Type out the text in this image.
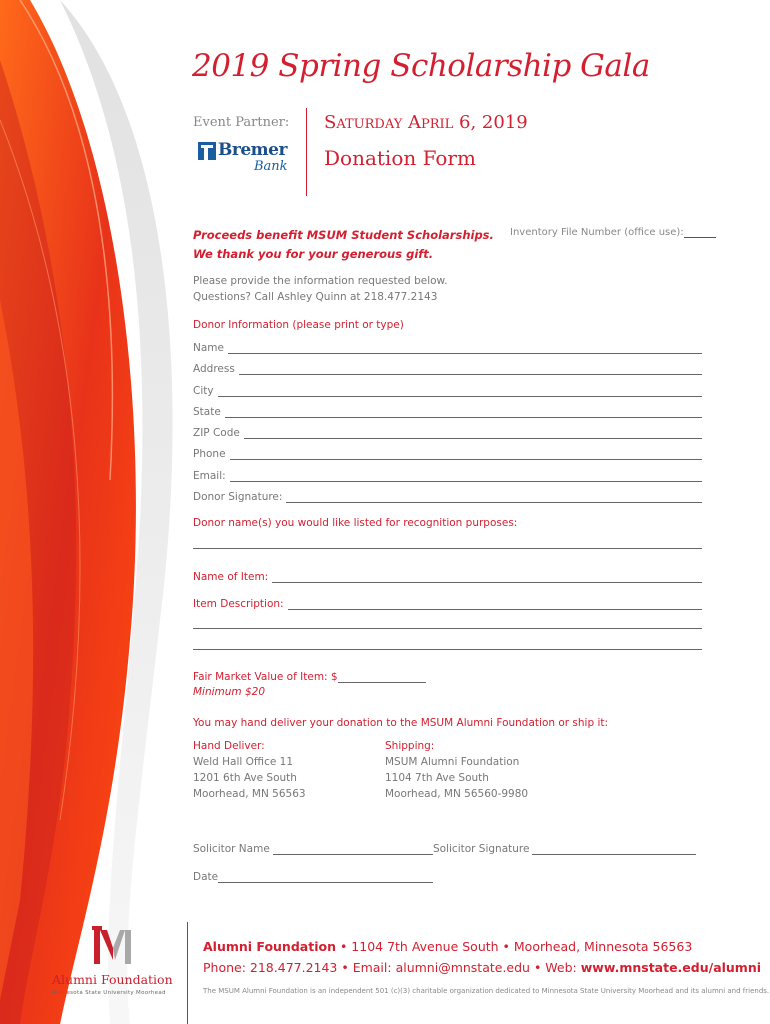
2019 Spring Scholarship Gala
Event Partner:
Bremer
Bank
Saturday April 6, 2019
Donation Form
Proceeds benefit MSUM Student Scholarships.
We thank you for your generous gift.
Inventory File Number (office use):
Please provide the information requested below.
Questions? Call Ashley Quinn at 218.477.2143
Donor Information (please print or type)
Name
Address
City
State
ZIP Code
Phone
Email:
Donor Signature:
Donor name(s) you would like listed for recognition purposes:
Name of Item:
Item Description:
Fair Market Value of Item: $
Minimum $20
You may hand deliver your donation to the MSUM Alumni Foundation or ship it:
Hand Deliver:
Weld Hall Office 11
1201 6th Ave South
Moorhead, MN 56563
Shipping:
MSUM Alumni Foundation
1104 7th Ave South
Moorhead, MN 56560-9980
Solicitor Name	Solicitor Signature
Date
Alumni Foundation
Minnesota State University Moorhead
Alumni Foundation • 1104 7th Avenue South • Moorhead, Minnesota 56563
Phone: 218.477.2143 • Email: alumni@mnstate.edu • Web: www.mnstate.edu/alumni
The MSUM Alumni Foundation is an independent 501 (c)(3) charitable organization dedicated to Minnesota State University Moorhead and its alumni and friends.
